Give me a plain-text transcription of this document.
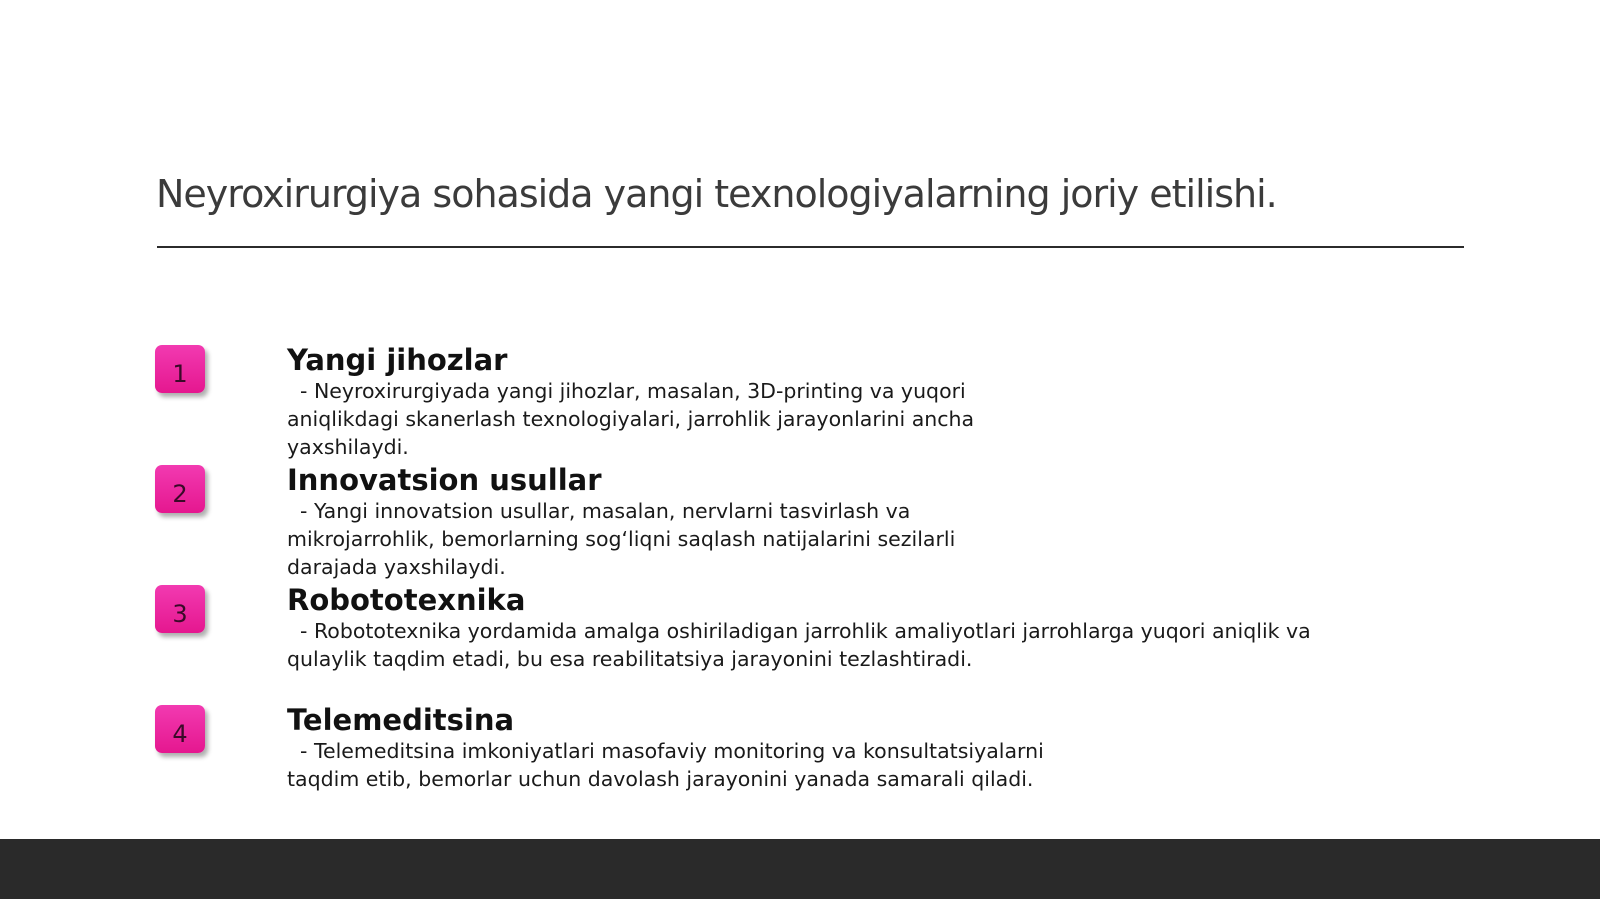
Neyroxirurgiya sohasida yangi texnologiyalarning joriy etilishi.
1	Yangi jihozlar
- Neyroxirurgiyada yangi jihozlar, masalan, 3D-printing va yuqori
aniqlikdagi skanerlash texnologiyalari, jarrohlik jarayonlarini ancha
yaxshilaydi.
2	Innovatsion usullar
- Yangi innovatsion usullar, masalan, nervlarni tasvirlash va
mikrojarrohlik, bemorlarning sog‘liqni saqlash natijalarini sezilarli
darajada yaxshilaydi.
3	Robototexnika
- Robototexnika yordamida amalga oshiriladigan jarrohlik amaliyotlari jarrohlarga yuqori aniqlik va
qulaylik taqdim etadi, bu esa reabilitatsiya jarayonini tezlashtiradi.
4	Telemeditsina
- Telemeditsina imkoniyatlari masofaviy monitoring va konsultatsiyalarni
taqdim etib, bemorlar uchun davolash jarayonini yanada samarali qiladi.
